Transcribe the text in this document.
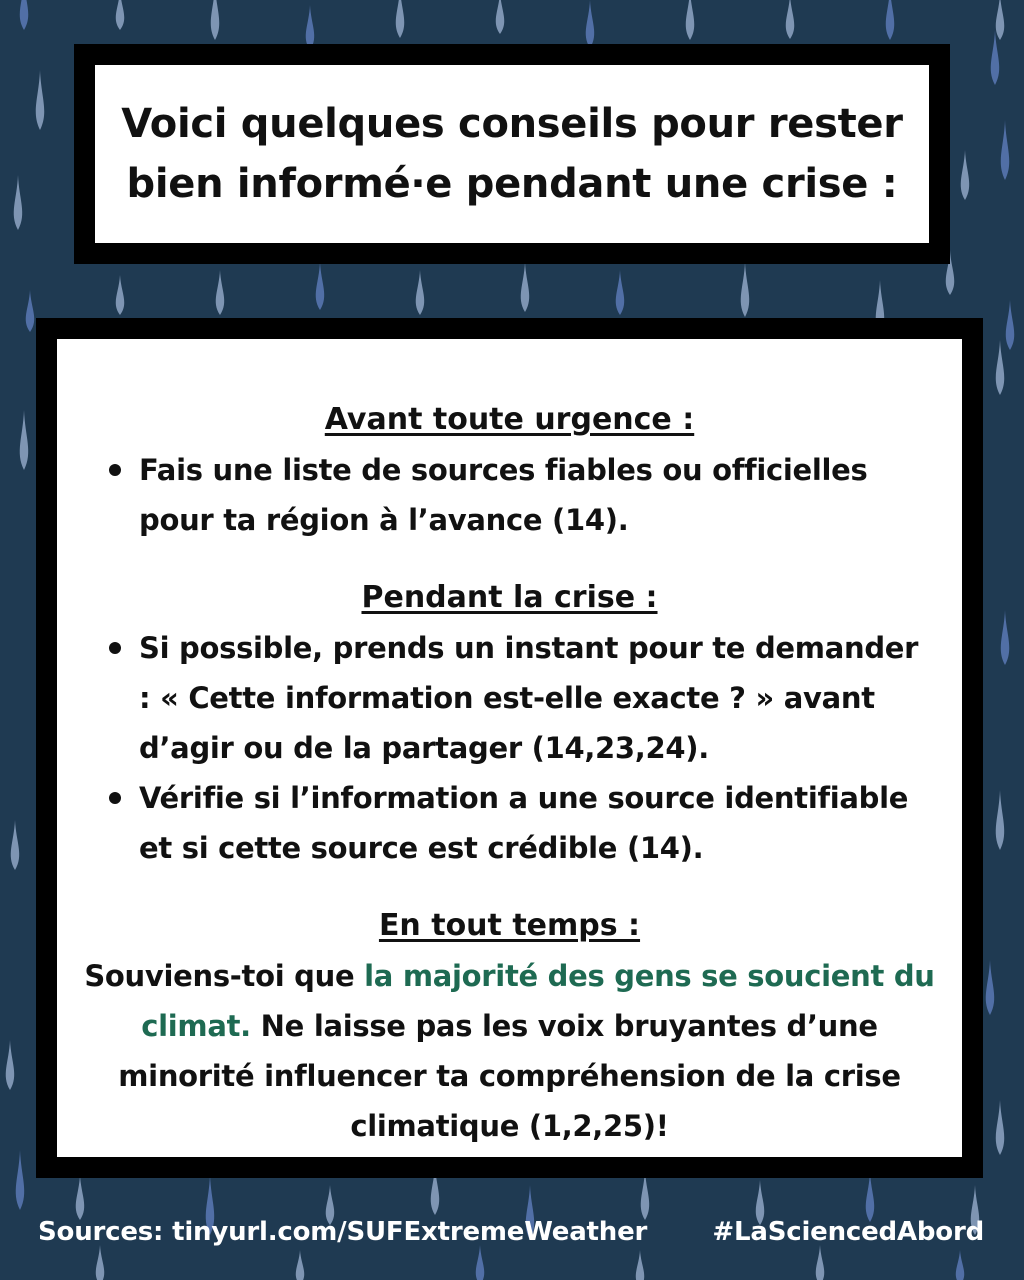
Voici quelques conseils pour rester
bien informé·e pendant une crise :
Avant toute urgence :
Fais une liste de sources fiables ou officielles pour ta région à l’avance (14).
Pendant la crise :
Si possible, prends un instant pour te demander : « Cette information est-elle exacte ? » avant d’agir ou de la partager (14,23,24).
Vérifie si l’information a une source identifiable et si cette source est crédible (14).
En tout temps :

Souviens-toi que la majorité des gens se soucient du climat. Ne laisse pas les voix bruyantes d’une minorité influencer ta compréhension de la crise climatique (1,2,25)!

Sources: tinyurl.com/SUFExtremeWeather	#LaSciencedAbord
